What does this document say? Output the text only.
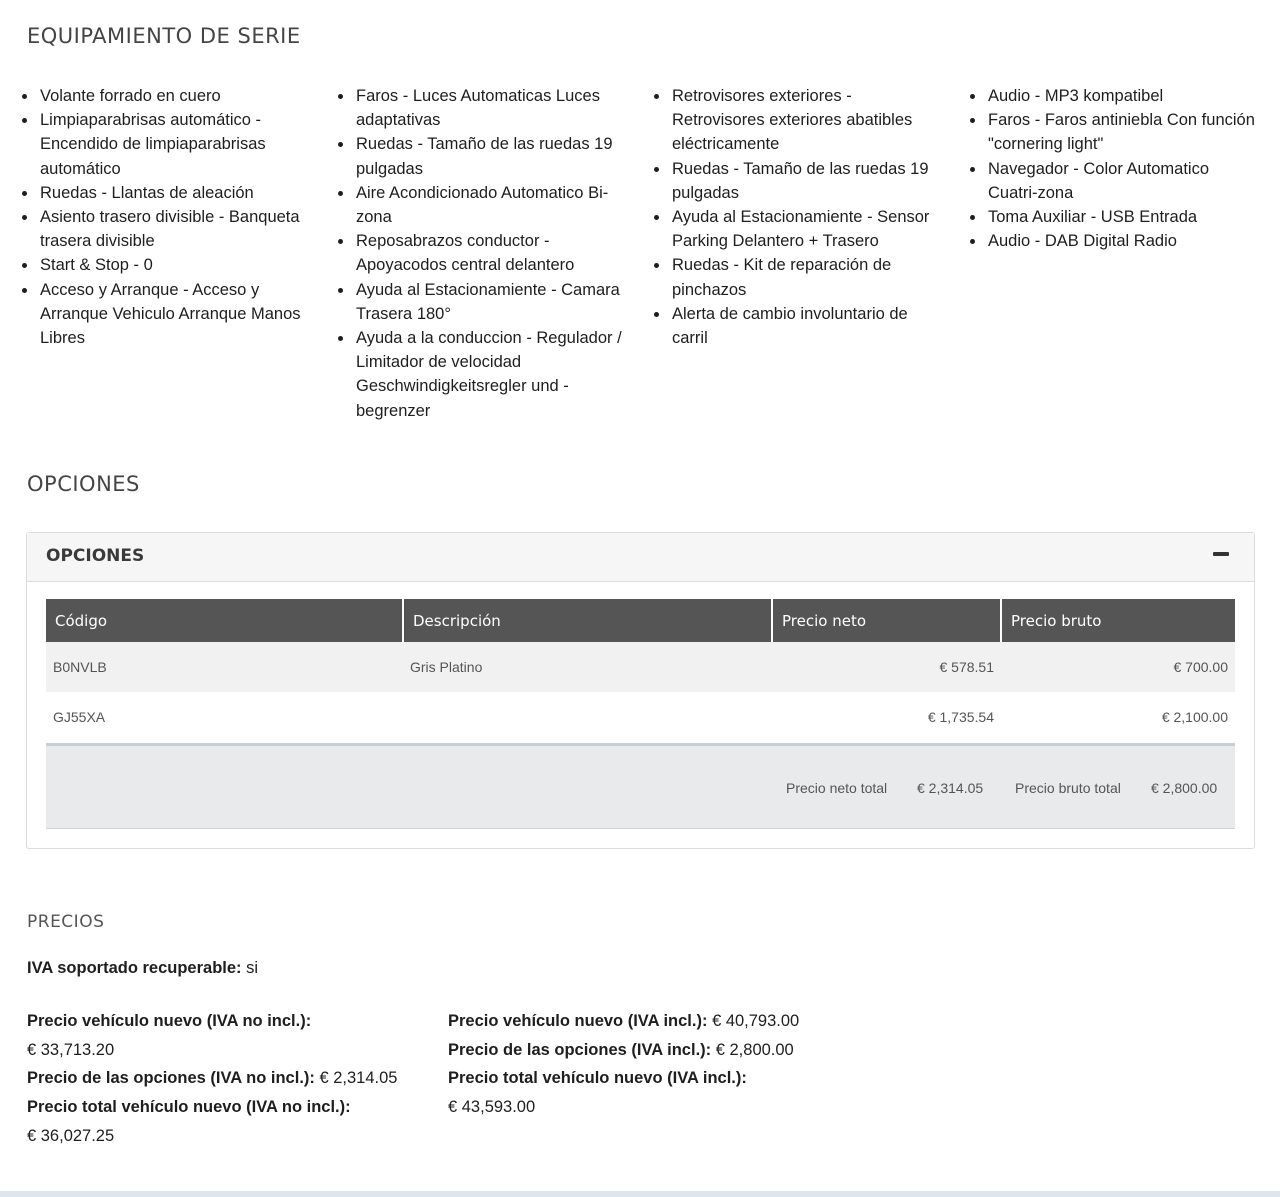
EQUIPAMIENTO DE SERIE
Volante forrado en cuero
Limpiaparabrisas automático - Encendido de limpiaparabrisas automático
Ruedas - Llantas de aleación
Asiento trasero divisible - Banqueta trasera divisible
Start & Stop - 0
Acceso y Arranque - Acceso y Arranque Vehiculo Arranque Manos Libres
Faros - Luces Automaticas Luces adaptativas
Ruedas - Tamaño de las ruedas 19 pulgadas
Aire Acondicionado Automatico Bi-zona
Reposabrazos conductor - Apoyacodos central delantero
Ayuda al Estacionamiente - Camara Trasera 180°
Ayuda a la conduccion - Regulador / Limitador de velocidad Geschwindigkeitsregler und -begrenzer
Retrovisores exteriores - Retrovisores exteriores abatibles eléctricamente
Ruedas - Tamaño de las ruedas 19 pulgadas
Ayuda al Estacionamiente - Sensor Parking Delantero + Trasero
Ruedas - Kit de reparación de pinchazos
Alerta de cambio involuntario de carril
Audio - MP3 kompatibel
Faros - Faros antiniebla Con función "cornering light"
Navegador - Color Automatico Cuatri-zona
Toma Auxiliar - USB Entrada
Audio - DAB Digital Radio
OPCIONES
OPCIONES
Código	Descripción	Precio neto	Precio bruto
B0NVLB	Gris Platino	€ 578.51	€ 700.00
GJ55XA		€ 1,735.54	€ 2,100.00
Precio neto total € 2,314.05 Precio bruto total € 2,800.00
PRECIOS
IVA soportado recuperable: si
Precio vehículo nuevo (IVA no incl.):
€ 33,713.20
Precio de las opciones (IVA no incl.): € 2,314.05
Precio total vehículo nuevo (IVA no incl.):
€ 36,027.25
Precio vehículo nuevo (IVA incl.): € 40,793.00
Precio de las opciones (IVA incl.): € 2,800.00
Precio total vehículo nuevo (IVA incl.):
€ 43,593.00
